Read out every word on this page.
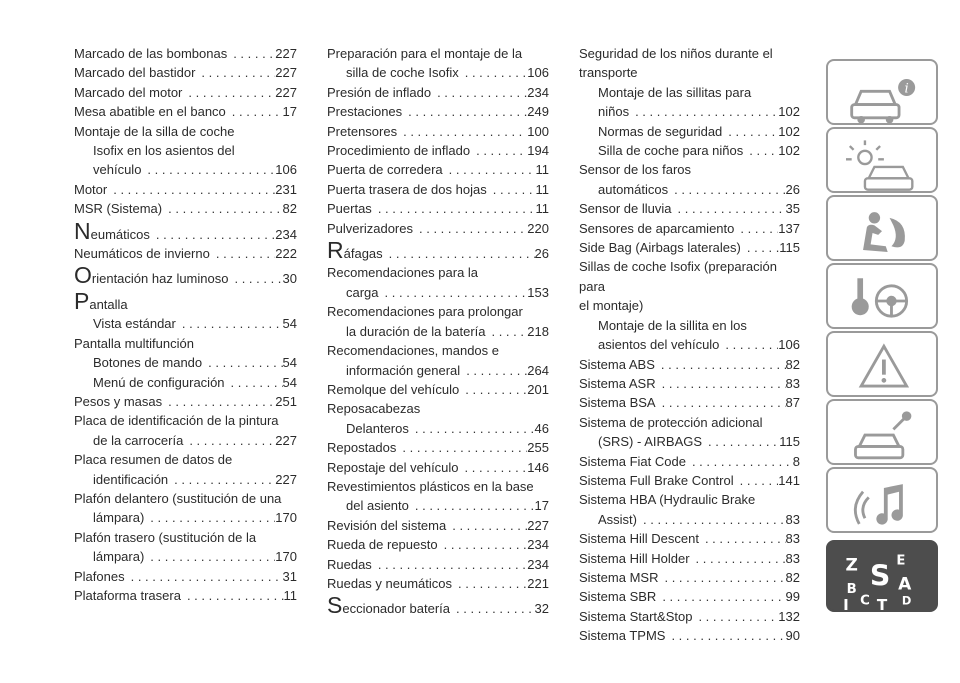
Marcado de las bombonas . . .	227
Marcado del bastidor . . .	227
Marcado del motor . . .	227
Mesa abatible en el banco . . .	17
Montaje de la silla de coche
Isofix en los asientos del
vehículo . . .	106
Motor . . .	231
MSR (Sistema) . . .	82
Neumáticos . . .	234
Neumáticos de invierno . . .	222
Orientación haz luminoso . . .	30
Pantalla
Vista estándar . . .	54
Pantalla multifunción
Botones de mando . . .	54
Menú de configuración . . .	54
Pesos y masas . . .	251
Placa de identificación de la pintura
de la carrocería . . .	227
Placa resumen de datos de
identificación . . .	227
Plafón delantero (sustitución de una
lámpara) . . .	170
Plafón trasero (sustitución de la
lámpara) . . .	170
Plafones . . .	31
Plataforma trasera . . .	11
Preparación para el montaje de la
silla de coche Isofix . . .	106
Presión de inflado . . .	234
Prestaciones . . .	249
Pretensores . . .	100
Procedimiento de inflado . . .	194
Puerta de corredera . . .	11
Puerta trasera de dos hojas . . .	11
Puertas . . .	11
Pulverizadores . . .	220
Ráfagas . . .	26
Recomendaciones para la
carga . . .	153
Recomendaciones para prolongar
la duración de la batería . . .	218
Recomendaciones, mandos e
información general . . .	264
Remolque del vehículo . . .	201
Reposacabezas
Delanteros . . .	46
Repostados . . .	255
Repostaje del vehículo . . .	146
Revestimientos plásticos en la base
del asiento . . .	17
Revisión del sistema . . .	227
Rueda de repuesto . . .	234
Ruedas . . .	234
Ruedas y neumáticos . . .	221
Seccionador batería . . .	32
Seguridad de los niños durante el
transporte
Montaje de las sillitas para
niños . . .	102
Normas de seguridad . . .	102
Silla de coche para niños . . .	102
Sensor de los faros
automáticos . . .	26
Sensor de lluvia . . .	35
Sensores de aparcamiento . . .	137
Side Bag (Airbags laterales) . . .	115
Sillas de coche Isofix (preparación para
el montaje)
Montaje de la sillita en los
asientos del vehículo . . .	106
Sistema ABS . . .	82
Sistema ASR . . .	83
Sistema BSA . . .	87
Sistema de protección adicional
(SRS) - AIRBAGS . . .	115
Sistema Fiat Code . . .	8
Sistema Full Brake Control . . .	141
Sistema HBA (Hydraulic Brake
Assist) . . .	83
Sistema Hill Descent . . .	83
Sistema Hill Holder . . .	83
Sistema MSR . . .	82
Sistema SBR . . .	99
Sistema Start&Stop . . .	132
Sistema TPMS . . .	90
i
Z	E
B S A
C	D
I T
